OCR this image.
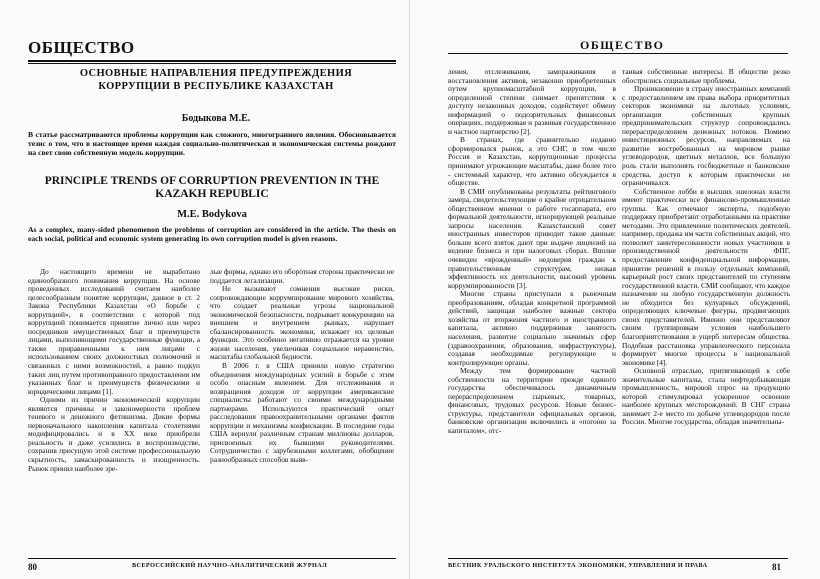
ОБЩЕСТВО
ОСНОВНЫЕ НАПРАВЛЕНИЯ ПРЕДУПРЕЖДЕНИЯ КОРРУПЦИИ В РЕСПУБЛИКЕ КАЗАХСТАН
Бодыкова М.Е.
В статье рассматриваются проблемы коррупции как сложного, многогранного явления. Обосновывается тезис о том, что в настоящее время каждая социально-политическая и экономическая системы рождают на свет свою собственную модель коррупции.
PRINCIPLE TRENDS OF CORRUPTION PREVENTION IN THE KAZAKH REPUBLIC
M.E. Bodykova
As a complex, many-sided phenomenon the problems of corruption are considered in the article. The thesis on each social, political and economic system generating its own corruption model is given reasons.

До настоящего времени не выработано единообразного понимания коррупции. На основе проведенных исследований считаем наиболее целесообразным понятие коррупции, данное в ст. 2 Закона Республики Казахстан «О борьбе с коррупцией», в соответствии с которой под коррупцией понимается принятие лично или через посредников имущественных благ и преимуществ лицами, выполняющими государственные функции, а также приравненными к ним лицами с использованием своих должностных полномочий и связанных с ними возможностей, а равно подкуп таких лиц путем противоправного предоставления им указанных благ и преимуществ физическими и юридическими лицами [1].

Одними из причин экономической коррупции являются причины и закономерности проблем теневого и денежного фетишизма. Дикие формы первоначального накопления капитала столетиями модифицировались и в XX веке приобрели реальность и даже усилились в воспроизводстве, сохранив присущую этой системе профессиональную скрытность, замаскированность и изощренность. Рынок принял наиболее зре-

лые формы, однако его оборотная сторона практически не поддается легализации.

Не вызывают сомнения высокие риски, сопровождающие коррумпирование мирового хозяйства, что создает реальные угрозы национальной экономической безопасности, подрывает конкуренцию на внешнем и внутреннем рынках, нарушает сбалансированность экономики, искажает их целевые функции. Это особенно негативно отражается на уровне жизни населения, увеличивая социальное неравенство, масштабы глобальной бедности.

В 2006 г. в США приняли новую стратегию объединения международных усилий в борьбе с этим особо опасным явлением. Для отслеживания и возвращения доходов от коррупции американские специалисты работают со своими международными партнерами. Используются практический опыт расследования правоохранительными органами фактов коррупции и механизмы конфискации. В последние годы США вернули различным странам миллионы долларов, присвоенных их бывшими руководителями. Сотрудничество с зарубежными коллегами, обобщение разнообразных способов выяв-

80	ВСЕРОССИЙСКИЙ НАУЧНО-АНАЛИТИЧЕСКИЙ ЖУРНАЛ
ОБЩЕСТВО

ления, отслеживания, замораживания и восстановления активов, незаконно приобретенных путем крупномасштабной коррупции, в определенной степени снимает препятствия к доступу незаконных доходов, содействует обмену информацией о подозрительных финансовых операциях, поддерживая и развивая государственное и частное партнерство [2].

В странах, где сравнительно недавно сформировался рынок, а это СНГ, в том числе Россия и Казахстан, коррупционные процессы принимают угрожающие масштабы, даже более того - системный характер, что активно обсуждается в обществе.

В СМИ опубликованы результаты рейтингового замера, свидетельствующие о крайне отрицательном общественном мнении о работе госаппарата, его формальной деятельности, игнорирующей реальные запросы населения. Казахстанский совет иностранных инвесторов приводит такие данные: больше всего взяток дают при выдаче лицензий на ведение бизнеса и при налоговых сборах. Вполне очевиден «врожденный» недоверия граждан к правительственным структурам, низкая эффективность их деятельности, высокий уровень коррумпированности [3].

Многие страны приступали к рыночным преобразованиям, обладая конкретной программой действий, защищая наиболее важные сектора хозяйства от вторжения частного и иностранного капитала, активно поддерживая занятость населения, развитие социально значимых сфер (здравоохранения, образования, инфраструктуры), создавая необходимые регулирующие и контролирующие органы.

Между тем формирование частной собственности на территории прежде единого государства обеспечивалось динамичным перераспределением сырьевых, товарных, финансовых, трудовых ресурсов. Новые бизнес-структуры, представители официальных органов, банковские организации включились в «погоню за капиталом», отс-

таивая собственные интересы. В обществе резко обострились социальные проблемы.

Проникновение в страну иностранных компаний с предоставлением им права выбора приоритетных секторов экономики на льготных условиях, организация собственных крупных предпринимательских структур сопровождались перераспределением денежных потоков. Помимо инвестиционных ресурсов, направляемых на развитие востребованных на мировом рынке углеводородов, цветных металлов, все большую роль стали выполнять госбюджетные и банковские средства, доступ к которым практически не ограничивался.

Собственное лобби в высших эшелонах власти имеют практически все финансово-промышленные группы. Как отмечают эксперты, подобную поддержку приобретают отработанными на практике методами. Это привлечение политических деятелей, например, продажа им части собственных акций, что позволяет заинтересованности новых участников в производственной деятельности ФПГ, предоставление конфиденциальной информации, принятие решений в пользу отдельных компаний, карьерный рост своих представителей по ступеням государственной власти. СМИ сообщают, что каждое назначение на любую государственную должность не обходится без кулуарных обсуждений, определяющих ключевые фигуры, продвигающих своих представителей. Именно они представляют своим группировкам условия наибольшего благоприятствования в ущерб интересам общества. Подобная расстановка управленческого персонала формирует многие процессы в национальной экономике [4].

Основной отраслью, притягивающей к себе значительные капиталы, стала нефтедобывающая промышленность, мировой спрос на продукцию которой стимулировал ускоренное освоение наиболее крупных месторождений. В СНГ страна занимает 2-е место по добыче углеводородов после России. Многие государства, обладая значительны-

ВЕСТНИК УРАЛЬСКОГО ИНСТИТУТА ЭКОНОМИКИ, УПРАВЛЕНИЯ И ПРАВА	81
